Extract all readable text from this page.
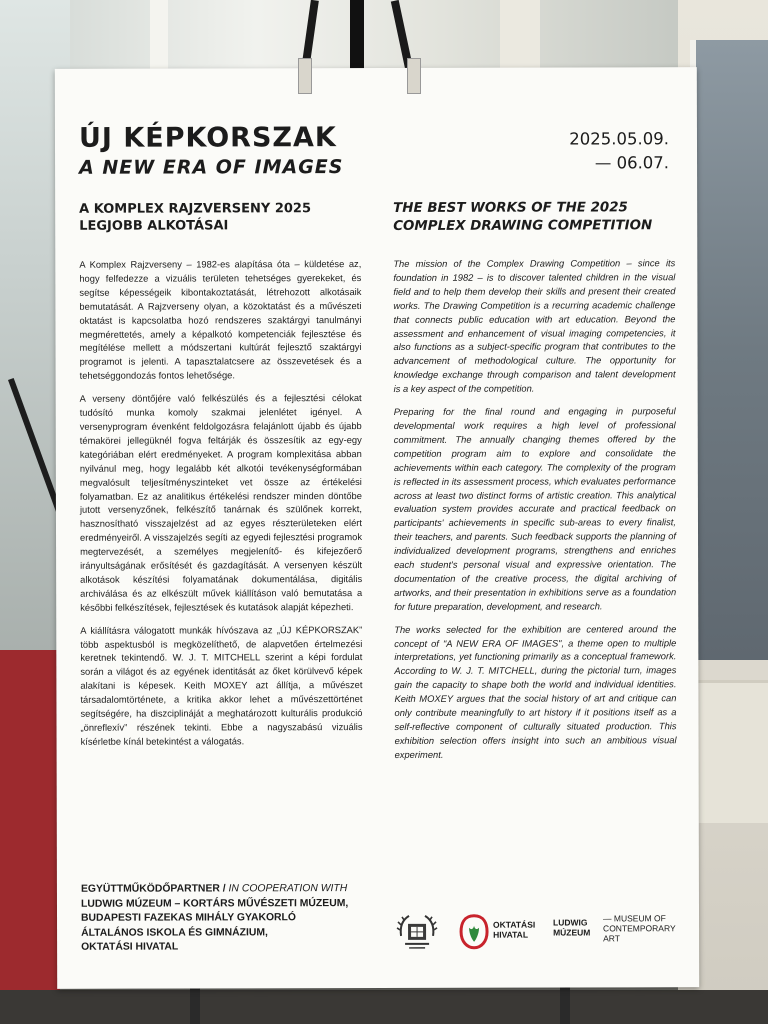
ÚJ KÉPKORSZAK
A NEW ERA OF IMAGES
2025.05.09.
— 06.07.
A KOMPLEX RAJZVERSENY 2025
LEGJOBB ALKOTÁSAI
THE BEST WORKS OF THE 2025
COMPLEX DRAWING COMPETITION

A Komplex Rajzverseny – 1982-es alapítása óta – küldetése az, hogy felfedezze a vizuális területen tehetséges gyerekeket, és segítse képességeik kibontakoztatását, létrehozott alkotásaik bemutatását. A Rajzverseny olyan, a közoktatást és a művészeti oktatást is kapcsolatba hozó rendszeres szaktárgyi tanulmányi megmérettetés, amely a képalkotó kompetenciák fejlesztése és megítélése mellett a módszertani kultúrát fejlesztő szaktárgyi programot is jelenti. A tapasztalatcsere az összevetések és a tehetséggondozás fontos lehetősége.

A verseny döntőjére való felkészülés és a fejlesztési célokat tudósító munka komoly szakmai jelenlétet igényel. A versenyprogram évenként feldolgozásra felajánlott újabb és újabb témakörei jellegüknél fogva feltárják és összesítik az egy-egy kategóriában elért eredményeket. A program komplexitása abban nyilvánul meg, hogy legalább két alkotói tevékenységformában megvalósult teljesítményszinteket vet össze az értékelési folyamatban. Ez az analitikus értékelési rendszer minden döntőbe jutott versenyzőnek, felkészítő tanárnak és szülőnek korrekt, hasznosítható visszajelzést ad az egyes részterületeken elért eredményeiről. A visszajelzés segíti az egyedi fejlesztési programok megtervezését, a személyes megjelenítő- és kifejezőerő irányultságának erősítését és gazdagítását. A versenyen készült alkotások készítési folyamatának dokumentálása, digitális archiválása és az elkészült művek kiállításon való bemutatása a későbbi felkészítések, fejlesztések és kutatások alapját képezheti.

A kiállításra válogatott munkák hívószava az „ÚJ KÉPKORSZAK” több aspektusból is megközelíthető, de alapvetően értelmezési keretnek tekintendő. W. J. T. MITCHELL szerint a képi fordulat során a világot és az egyének identitását az őket körülvevő képek alakítani is képesek. Keith MOXEY azt állítja, a művészet társadalomtörténete, a kritika akkor lehet a művészettörténet segítségére, ha diszciplináját a meghatározott kulturális produkció „önreflexív” részének tekinti. Ebbe a nagyszabású vizuális kísérletbe kínál betekintést a válogatás.

The mission of the Complex Drawing Competition – since its foundation in 1982 – is to discover talented children in the visual field and to help them develop their skills and present their created works. The Drawing Competition is a recurring academic challenge that connects public education with art education. Beyond the assessment and enhancement of visual imaging competencies, it also functions as a subject-specific program that contributes to the advancement of methodological culture. The opportunity for knowledge exchange through comparison and talent development is a key aspect of the competition.

Preparing for the final round and engaging in purposeful developmental work requires a high level of professional commitment. The annually changing themes offered by the competition program aim to explore and consolidate the achievements within each category. The complexity of the program is reflected in its assessment process, which evaluates performance across at least two distinct forms of artistic creation. This analytical evaluation system provides accurate and practical feedback on participants' achievements in specific sub-areas to every finalist, their teachers, and parents. Such feedback supports the planning of individualized development programs, strengthens and enriches each student's personal visual and expressive orientation. The documentation of the creative process, the digital archiving of artworks, and their presentation in exhibitions serve as a foundation for future preparation, development, and research.

The works selected for the exhibition are centered around the concept of "A NEW ERA OF IMAGES", a theme open to multiple interpretations, yet functioning primarily as a conceptual framework. According to W. J. T. MITCHELL, during the pictorial turn, images gain the capacity to shape both the world and individual identities. Keith MOXEY argues that the social history of art and critique can only contribute meaningfully to art history if it positions itself as a self-reflective component of culturally situated production. This exhibition selection offers insight into such an ambitious visual experiment.

EGYÜTTMŰKÖDŐPARTNER / IN COOPERATION WITH
LUDWIG MÚZEUM – KORTÁRS MŰVÉSZETI MÚZEUM,
BUDAPESTI FAZEKAS MIHÁLY GYAKORLÓ
ÁLTALÁNOS ISKOLA ÉS GIMNÁZIUM,
OKTATÁSI HIVATAL
OKTATÁSI
HIVATAL
LUDWIG
MÚZEUM
— MUSEUM OF
CONTEMPORARY
ART
